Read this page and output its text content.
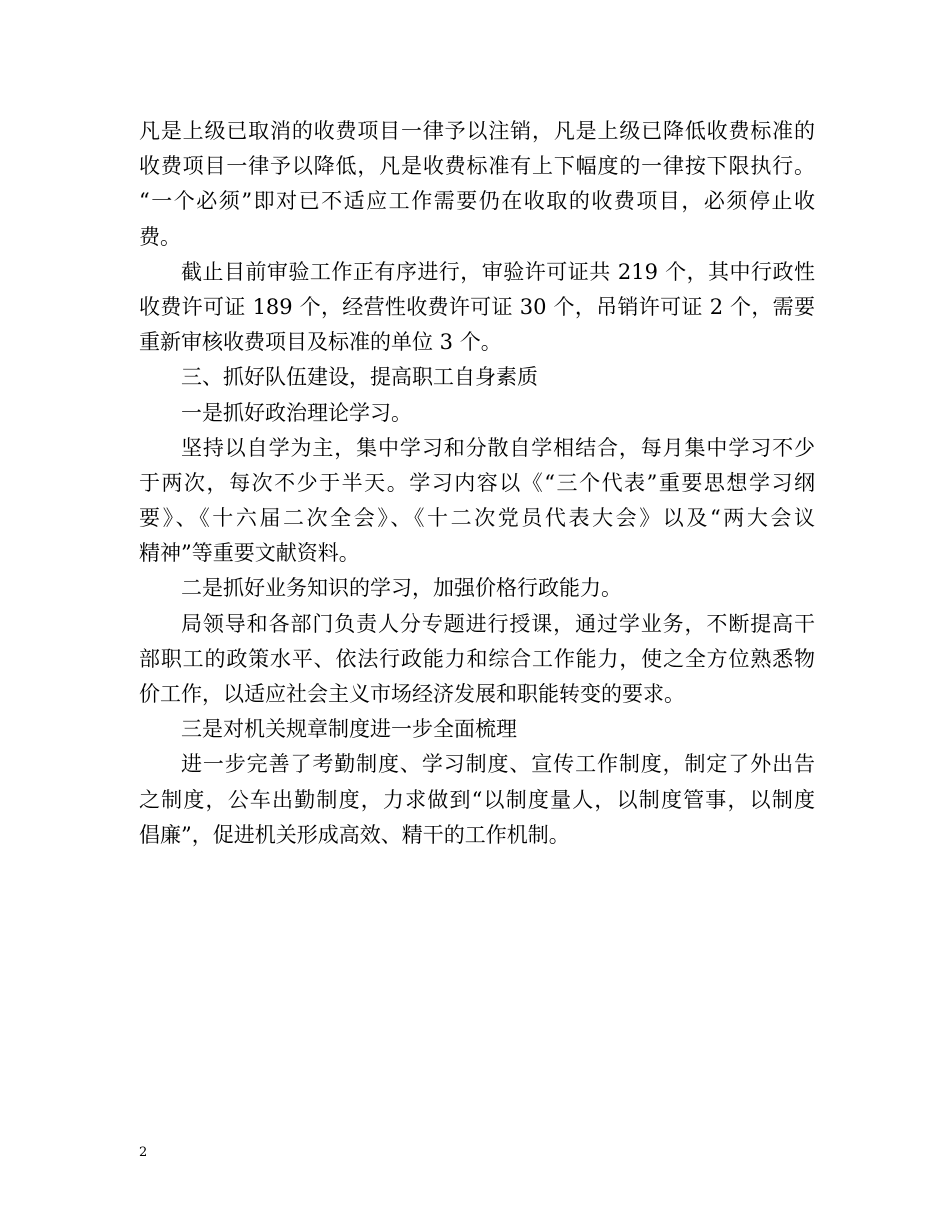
凡是上级已取消的收费项目一律予以注销，凡是上级已降低收费标准的
收费项目一律予以降低，凡是收费标准有上下幅度的一律按下限执行。
“一个必须”即对已不适应工作需要仍在收取的收费项目，必须停止收
费。
截止目前审验工作正有序进行，审验许可证共 219 个，其中行政性
收费许可证 189 个，经营性收费许可证 30 个，吊销许可证 2 个，需要
重新审核收费项目及标准的单位 3 个。
三、抓好队伍建设，提高职工自身素质
一是抓好政治理论学习。
坚持以自学为主，集中学习和分散自学相结合，每月集中学习不少
于两次，每次不少于半天。学习内容以《“三个代表”重要思想学习纲
要》、《十六届二次全会》、《十二次党员代表大会》以及“两大会议
精神”等重要文献资料。
二是抓好业务知识的学习，加强价格行政能力。
局领导和各部门负责人分专题进行授课，通过学业务，不断提高干
部职工的政策水平、依法行政能力和综合工作能力，使之全方位熟悉物
价工作，以适应社会主义市场经济发展和职能转变的要求。
三是对机关规章制度进一步全面梳理
进一步完善了考勤制度、学习制度、宣传工作制度，制定了外出告
之制度，公车出勤制度，力求做到“以制度量人，以制度管事，以制度
倡廉”，促进机关形成高效、精干的工作机制。
2
